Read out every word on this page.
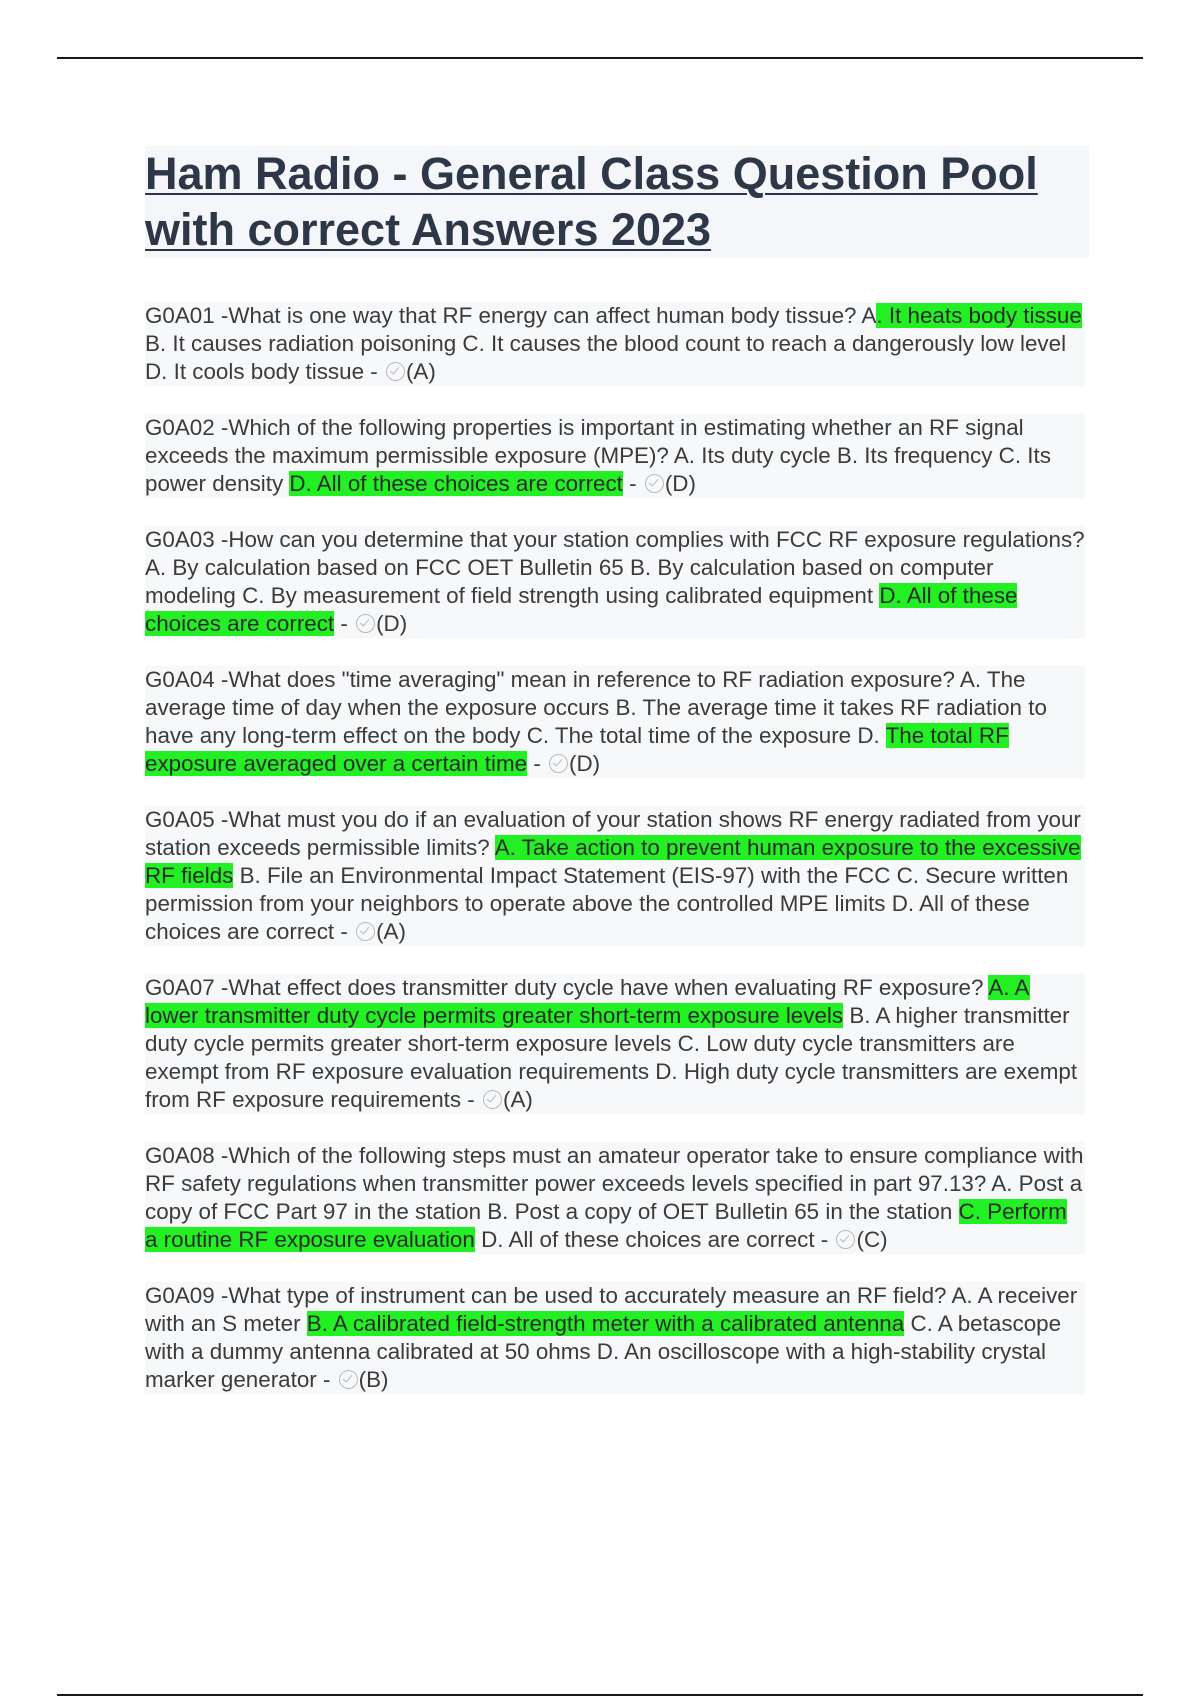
Ham Radio - General Class Question Pool with correct Answers 2023

G0A01 -What is one way that RF energy can affect human body tissue? A. It heats body tissue B. It causes radiation poisoning C. It causes the blood count to reach a dangerously low level D. It cools body tissue - (A)

G0A02 -Which of the following properties is important in estimating whether an RF signal exceeds the maximum permissible exposure (MPE)? A. Its duty cycle B. Its frequency C. Its power density D. All of these choices are correct - (D)

G0A03 -How can you determine that your station complies with FCC RF exposure regulations? A. By calculation based on FCC OET Bulletin 65 B. By calculation based on computer modeling C. By measurement of field strength using calibrated equipment D. All of these choices are correct - (D)

G0A04 -What does "time averaging" mean in reference to RF radiation exposure? A. The average time of day when the exposure occurs B. The average time it takes RF radiation to have any long-term effect on the body C. The total time of the exposure D. The total RF exposure averaged over a certain time - (D)

G0A05 -What must you do if an evaluation of your station shows RF energy radiated from your station exceeds permissible limits? A. Take action to prevent human exposure to the excessive RF fields B. File an Environmental Impact Statement (EIS-97) with the FCC C. Secure written permission from your neighbors to operate above the controlled MPE limits D. All of these choices are correct - (A)

G0A07 -What effect does transmitter duty cycle have when evaluating RF exposure? A. A lower transmitter duty cycle permits greater short-term exposure levels B. A higher transmitter duty cycle permits greater short-term exposure levels C. Low duty cycle transmitters are exempt from RF exposure evaluation requirements D. High duty cycle transmitters are exempt from RF exposure requirements - (A)

G0A08 -Which of the following steps must an amateur operator take to ensure compliance with RF safety regulations when transmitter power exceeds levels specified in part 97.13? A. Post a copy of FCC Part 97 in the station B. Post a copy of OET Bulletin 65 in the station C. Perform a routine RF exposure evaluation D. All of these choices are correct - (C)

G0A09 -What type of instrument can be used to accurately measure an RF field? A. A receiver with an S meter B. A calibrated field-strength meter with a calibrated antenna C. A betascope with a dummy antenna calibrated at 50 ohms D. An oscilloscope with a high-stability crystal marker generator - (B)
